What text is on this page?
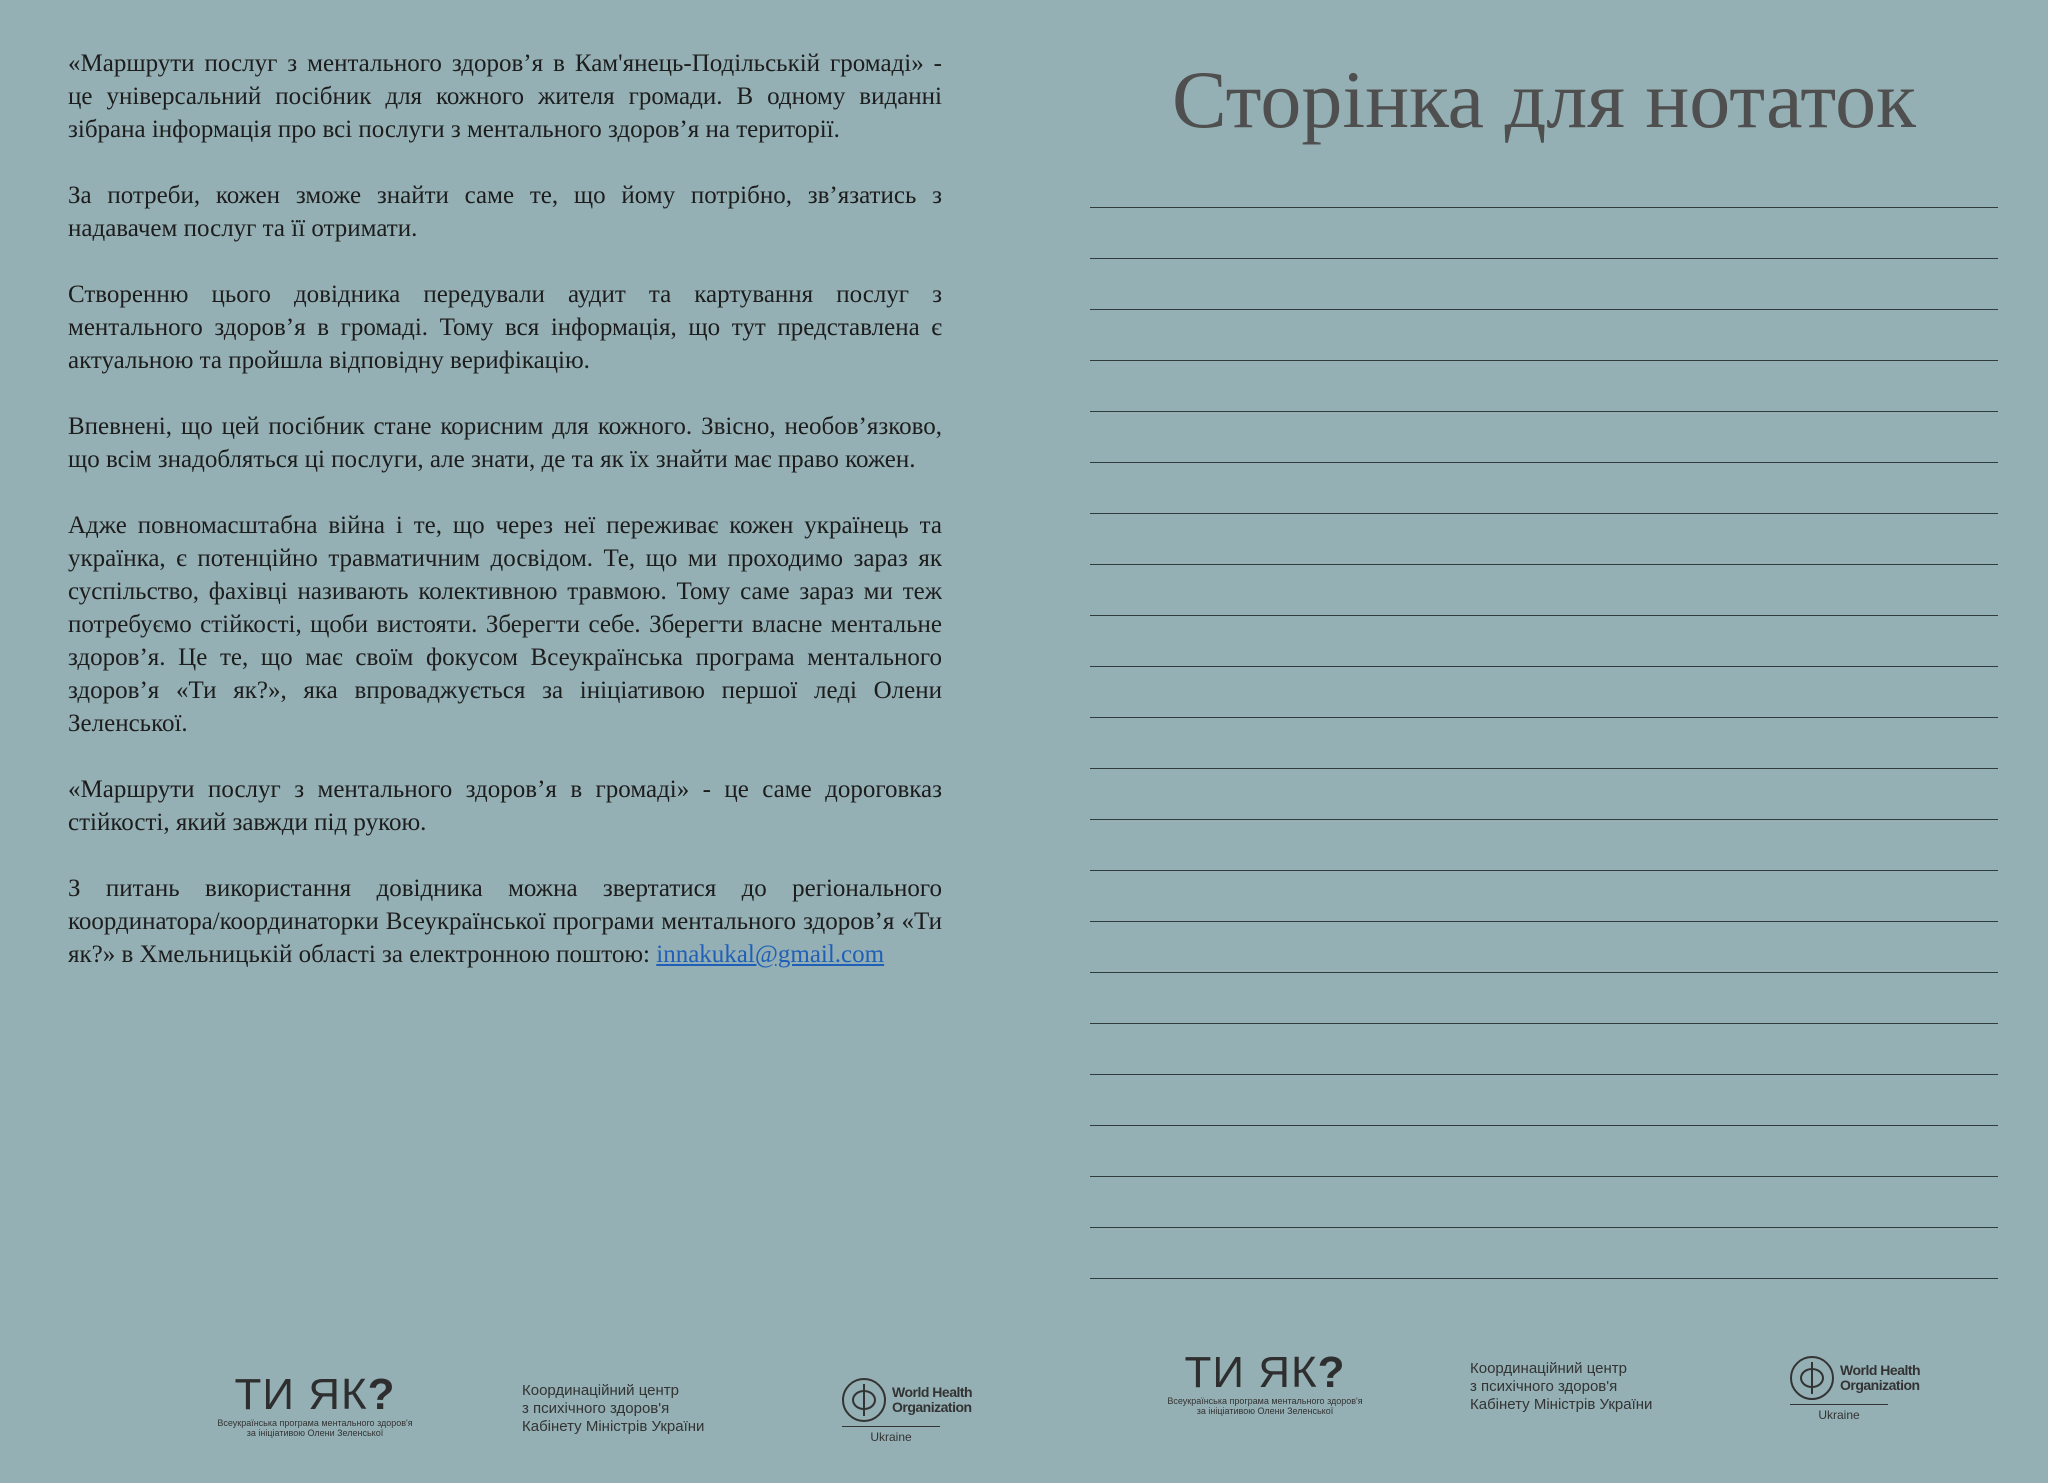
«Маршрути послуг з ментального здоров’я в Кам'янець-Подільській громаді» - це універсальний посібник для кожного жителя громади. В одному виданні зібрана інформація про всі послуги з ментального здоров’я на території.

За потреби, кожен зможе знайти саме те, що йому потрібно, зв’язатись з надавачем послуг та її отримати.

Створенню цього довідника передували аудит та картування послуг з ментального здоров’я в громаді. Тому вся інформація, що тут представлена є актуальною та пройшла відповідну верифікацію.

Впевнені, що цей посібник стане корисним для кожного. Звісно, необов’язково, що всім знадобляться ці послуги, але знати, де та як їх знайти має право кожен.

Адже повномасштабна війна і те, що через неї переживає кожен українець та українка, є потенційно травматичним досвідом. Те, що ми проходимо зараз як суспільство, фахівці називають колективною травмою. Тому саме зараз ми теж потребуємо стійкості, щоби вистояти. Зберегти себе. Зберегти власне ментальне здоров’я. Це те, що має своїм фокусом Всеукраїнська програма ментального здоров’я «Ти як?», яка впроваджується за ініціативою першої леді Олени Зеленської.

«Маршрути послуг з ментального здоров’я в громаді» - це саме дороговказ стійкості, який завжди під рукою.

З питань використання довідника можна звертатися до регіонального координатора/координаторки Всеукраїнської програми ментального здоров’я «Ти як?» в Хмельницькій області за електронною поштою: innakukal@gmail.com

Сторінка для нотаток
ТИ ЯК?
Всеукраїнська програма ментального здоров'я
за ініціативою Олени Зеленської
Координаційний центр
з психічного здоров'я
Кабінету Міністрів України
World Health
Organization
Ukraine
ТИ ЯК?
Всеукраїнська програма ментального здоров'я
за ініціативою Олени Зеленської
Координаційний центр
з психічного здоров'я
Кабінету Міністрів України
World Health
Organization
Ukraine
